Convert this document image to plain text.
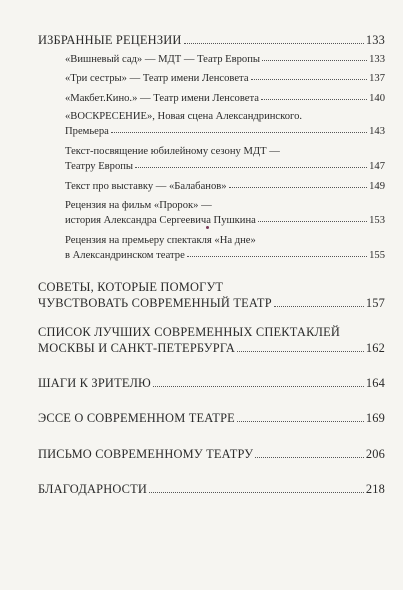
ИЗБРАННЫЕ РЕЦЕНЗИИ	133
«Вишневый сад» — МДТ — Театр Европы	133
«Три сестры» — Театр имени Ленсовета	137
«Макбет.Кино.» — Театр имени Ленсовета	140
«ВОСКРЕСЕНИЕ», Новая сцена Александринского.
Премьера	143
Текст-посвящение юбилейному сезону МДТ —
Театру Европы	147
Текст про выставку — «Балабанов»	149
Рецензия на фильм «Пророк» —
история Александра Сергеевича Пушкина	153
Рецензия на премьеру спектакля «На дне»
в Александринском театре	155
СОВЕТЫ, КОТОРЫЕ ПОМОГУТ
ЧУВСТВОВАТЬ СОВРЕМЕННЫЙ ТЕАТР	157
СПИСОК ЛУЧШИХ СОВРЕМЕННЫХ СПЕКТАКЛЕЙ
МОСКВЫ И САНКТ-ПЕТЕРБУРГА	162
ШАГИ К ЗРИТЕЛЮ	164
ЭССЕ О СОВРЕМЕННОМ ТЕАТРЕ	169
ПИСЬМО СОВРЕМЕННОМУ ТЕАТРУ	206
БЛАГОДАРНОСТИ	218
